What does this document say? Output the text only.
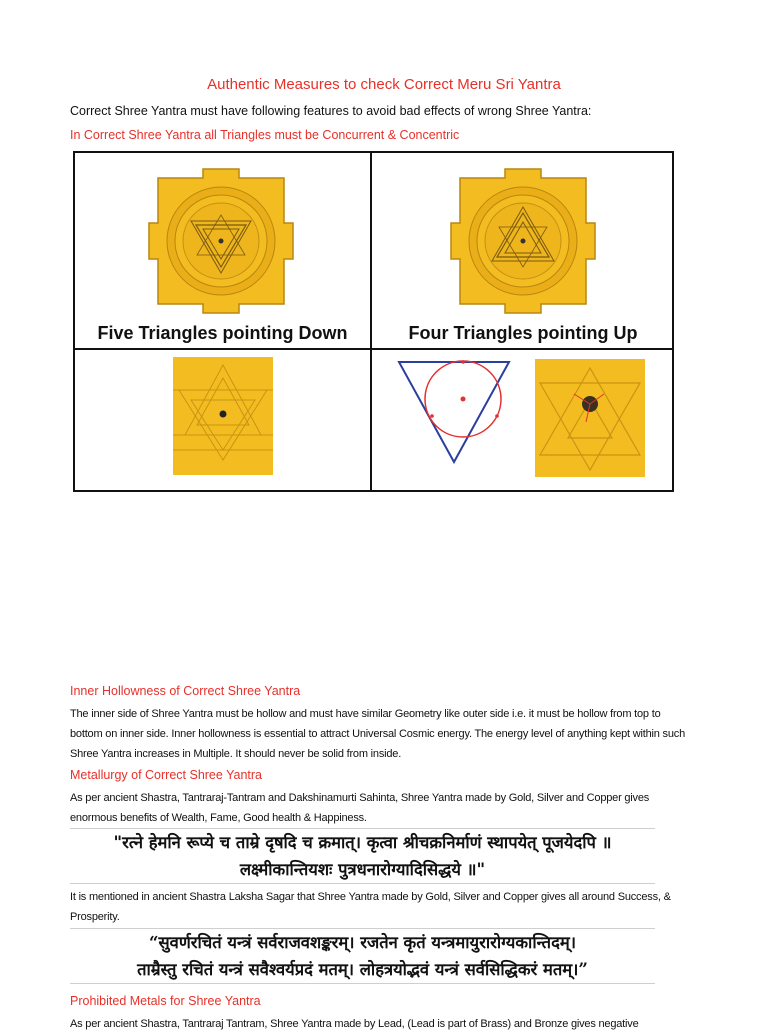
Authentic Measures to check Correct Meru Sri Yantra
Correct Shree Yantra must have following features to avoid bad effects of wrong Shree Yantra:
In Correct Shree Yantra all Triangles must be Concurrent & Concentric
Five Triangles pointing Down	Four Triangles pointing Up
Inner Hollowness of Correct Shree Yantra
The inner side of Shree Yantra must be hollow and must have similar Geometry like outer side i.e. it must be hollow from top to bottom on inner side. Inner hollowness is essential to attract Universal Cosmic energy. The energy level of anything kept within such Shree Yantra increases in Multiple. It should never be solid from inside.
Metallurgy of Correct Shree Yantra
As per ancient Shastra, Tantraraj-Tantram and Dakshinamurti Sahinta, Shree Yantra made by Gold, Silver and Copper gives enormous benefits of Wealth, Fame, Good health & Happiness.
"रत्ने हेमनि रूप्ये च ताम्रे दृषदि च क्रमात्। कृत्वा श्रीचक्रनिर्माणं स्थापयेत् पूजयेदपि ॥
लक्ष्मीकान्तियशः पुत्रधनारोग्यादिसिद्धये ॥"
It is mentioned in ancient Shastra Laksha Sagar that Shree Yantra made by Gold, Silver and Copper gives all around Success, & Prosperity.
“सुवर्णरचितं यन्त्रं सर्वराजवशङ्करम्। रजतेन कृतं यन्त्रमायुरारोग्यकान्तिदम्।
ताम्रैस्तु रचितं यन्त्रं सवैश्वर्यप्रदं मतम्। लोहत्रयोद्भवं यन्त्रं सर्वसिद्धिकरं मतम्।”
Prohibited Metals for Shree Yantra
As per ancient Shastra, Tantraraj Tantram, Shree Yantra made by Lead, (Lead is part of Brass) and Bronze gives negative
